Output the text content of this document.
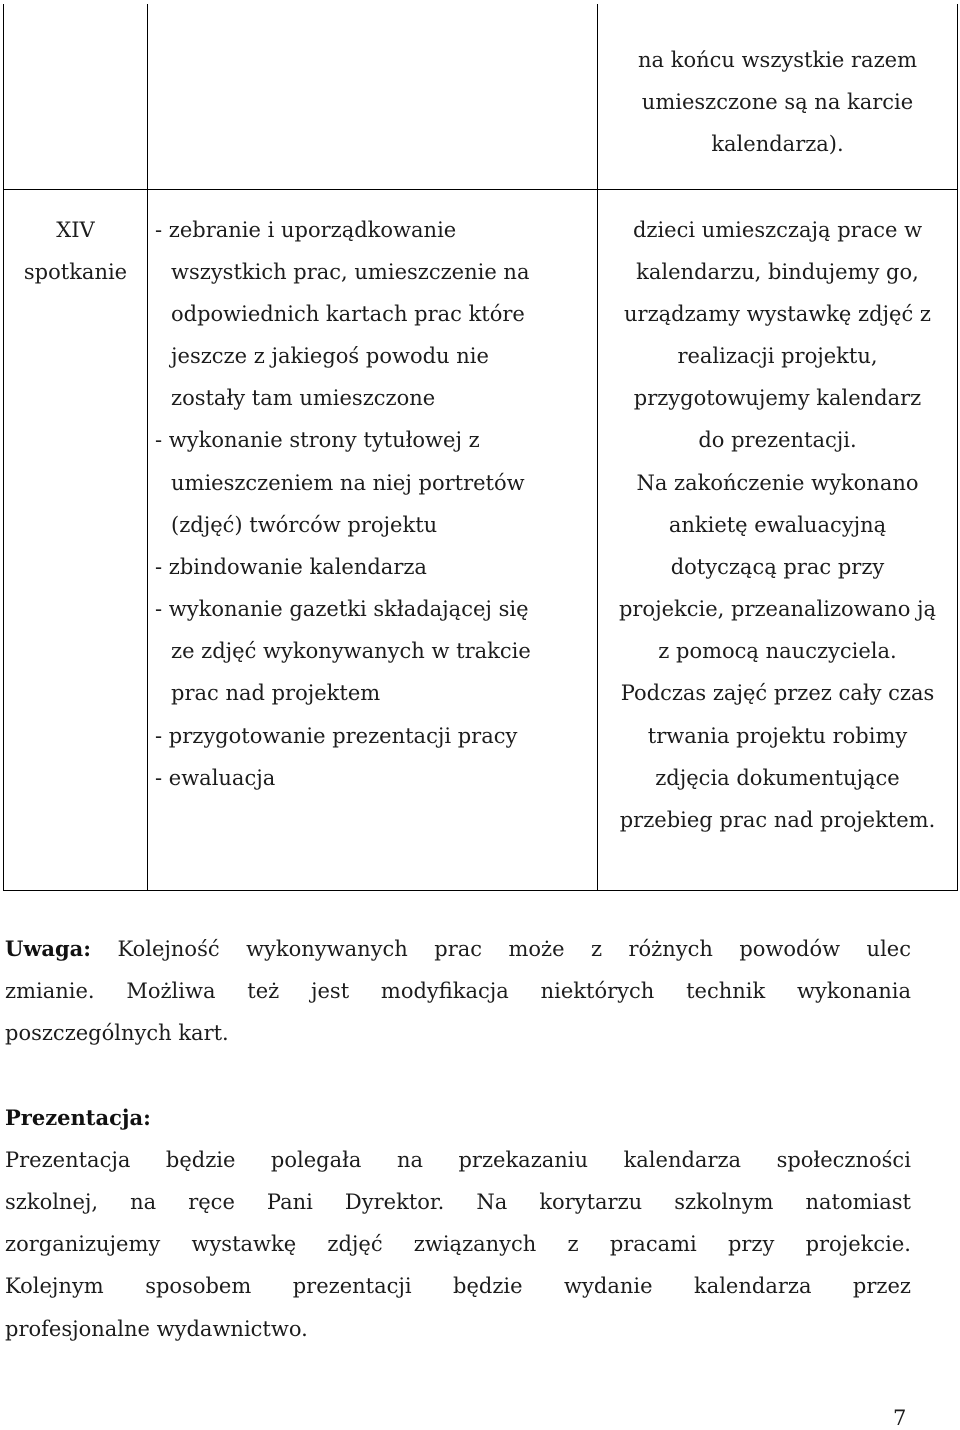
na końcu wszystkie razem
umieszczone są na karcie
kalendarza).
XIV
spotkanie
- zebranie i uporządkowanie
wszystkich prac, umieszczenie na
odpowiednich kartach prac które
jeszcze z jakiegoś powodu nie
zostały tam umieszczone
- wykonanie strony tytułowej z
umieszczeniem na niej portretów
(zdjęć) twórców projektu
- zbindowanie kalendarza
- wykonanie gazetki składającej się
ze zdjęć wykonywanych w trakcie
prac nad projektem
- przygotowanie prezentacji pracy
- ewaluacja
dzieci umieszczają prace w
kalendarzu, bindujemy go,
urządzamy wystawkę zdjęć z
realizacji projektu,
przygotowujemy kalendarz
do prezentacji.
Na zakończenie wykonano
ankietę ewaluacyjną
dotyczącą prac przy
projekcie, przeanalizowano ją
z pomocą nauczyciela.
Podczas zajęć przez cały czas
trwania projektu robimy
zdjęcia dokumentujące
przebieg prac nad projektem.
Uwaga: Kolejność wykonywanych prac może z różnych powodów ulec
zmianie. Możliwa też jest modyfikacja niektórych technik wykonania
poszczególnych kart.
Prezentacja:
Prezentacja będzie polegała na przekazaniu kalendarza społeczności
szkolnej, na ręce Pani Dyrektor. Na korytarzu szkolnym natomiast
zorganizujemy wystawkę zdjęć związanych z pracami przy projekcie.
Kolejnym sposobem prezentacji będzie wydanie kalendarza przez
profesjonalne wydawnictwo.
7
